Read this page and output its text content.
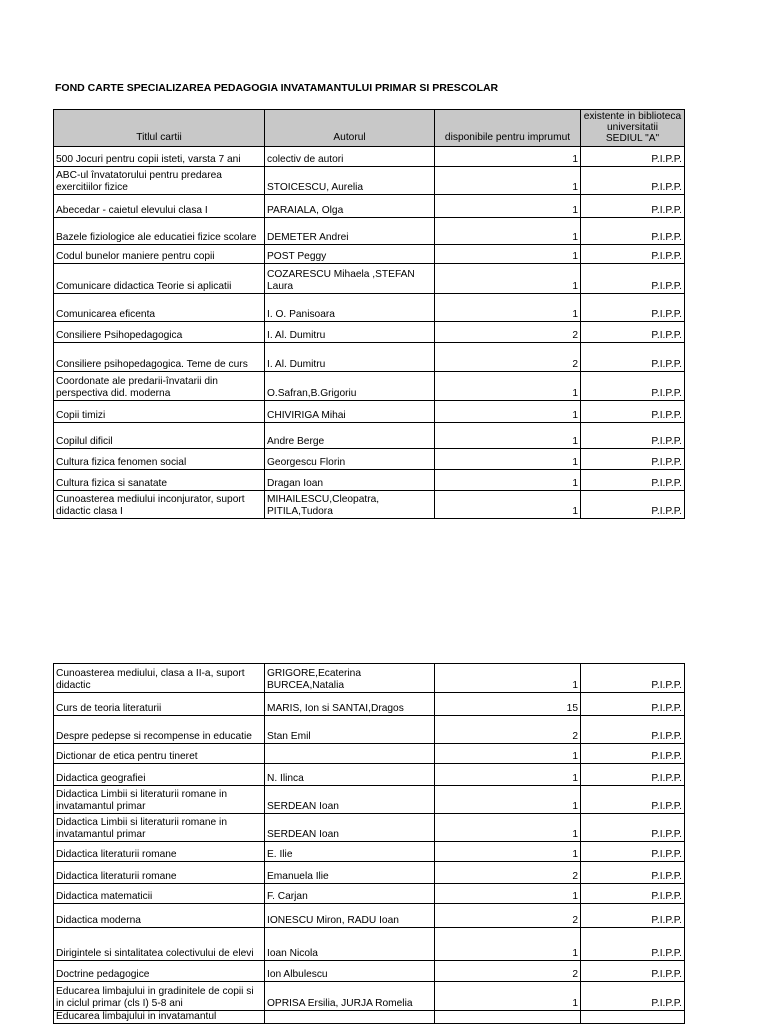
FOND CARTE SPECIALIZAREA PEDAGOGIA INVATAMANTULUI PRIMAR SI PRESCOLAR
Titlul cartii	Autorul	disponibile pentru imprumut	existente in biblioteca
universitatii
SEDIUL "A"

500 Jocuri pentru copii isteti, varsta 7 ani	colectiv de autori	1	P.I.P.P.
ABC-ul învatatorului pentru predarea exercitiilor fizice	STOICESCU, Aurelia	1	P.I.P.P.
Abecedar - caietul elevului clasa I	PARAIALA, Olga	1	P.I.P.P.
Bazele fiziologice ale educatiei fizice scolare	DEMETER Andrei	1	P.I.P.P.
Codul bunelor maniere pentru copii	POST Peggy	1	P.I.P.P.
Comunicare didactica Teorie si aplicatii	COZARESCU Mihaela ,STEFAN Laura	1	P.I.P.P.
Comunicarea eficenta	I. O. Panisoara	1	P.I.P.P.
Consiliere Psihopedagogica	I. Al. Dumitru	2	P.I.P.P.
Consiliere psihopedagogica. Teme de curs	I. Al. Dumitru	2	P.I.P.P.
Coordonate ale predarii-învatarii din perspectiva did. moderna	O.Safran,B.Grigoriu	1	P.I.P.P.
Copii timizi	CHIVIRIGA Mihai	1	P.I.P.P.
Copilul dificil	Andre Berge	1	P.I.P.P.
Cultura fizica fenomen social	Georgescu Florin	1	P.I.P.P.
Cultura fizica si sanatate	Dragan Ioan	1	P.I.P.P.
Cunoasterea mediului inconjurator, suport didactic clasa I	MIHAILESCU,Cleopatra, PITILA,Tudora	1	P.I.P.P.
Cunoasterea mediului, clasa a II-a, suport didactic	GRIGORE,Ecaterina BURCEA,Natalia	1	P.I.P.P.
Curs de teoria literaturii	MARIS, Ion si SANTAI,Dragos	15	P.I.P.P.
Despre pedepse si recompense in educatie	Stan Emil	2	P.I.P.P.
Dictionar de etica pentru tineret		1	P.I.P.P.
Didactica geografiei	N. Ilinca	1	P.I.P.P.
Didactica Limbii si literaturii romane in invatamantul primar	SERDEAN Ioan	1	P.I.P.P.
Didactica Limbii si literaturii romane in invatamantul primar	SERDEAN Ioan	1	P.I.P.P.
Didactica literaturii romane	E. Ilie	1	P.I.P.P.
Didactica literaturii romane	Emanuela Ilie	2	P.I.P.P.
Didactica matematicii	F. Carjan	1	P.I.P.P.
Didactica moderna	IONESCU Miron, RADU Ioan	2	P.I.P.P.
Dirigintele si sintalitatea colectivului de elevi	Ioan Nicola	1	P.I.P.P.
Doctrine pedagogice	Ion Albulescu	2	P.I.P.P.
Educarea limbajului in gradinitele de copii si in ciclul primar (cls I) 5-8 ani	OPRISA Ersilia, JURJA Romelia	1	P.I.P.P.
Educarea limbajului in invatamantul			
